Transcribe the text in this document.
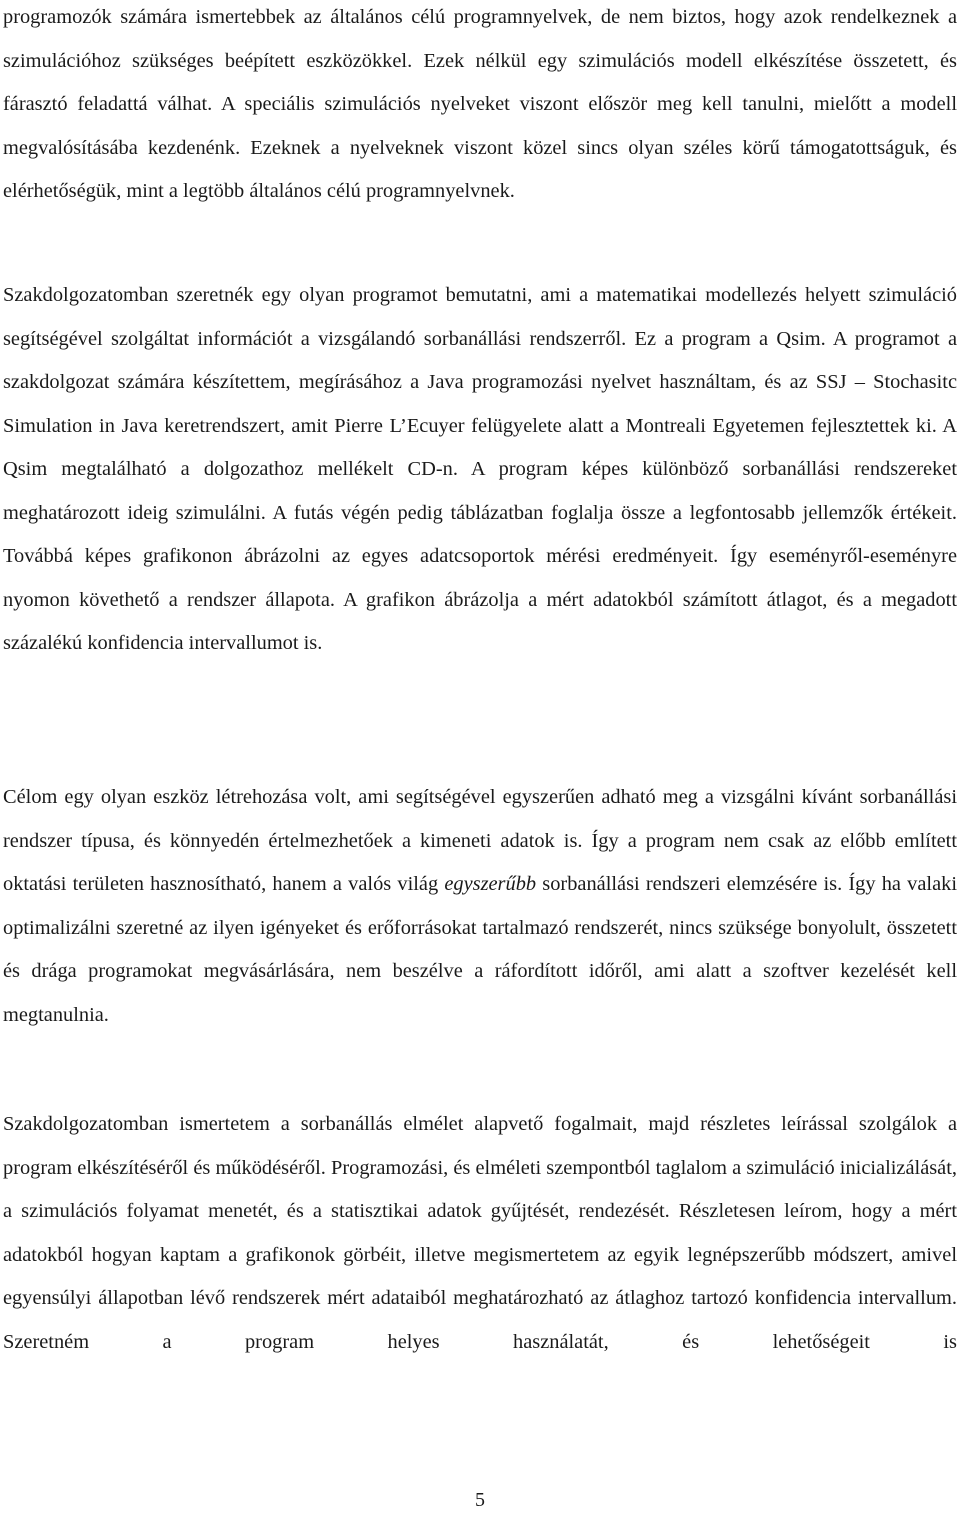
programozók számára ismertebbek az általános célú programnyelvek, de nem biztos, hogy azok rendelkeznek a szimulációhoz szükséges beépített eszközökkel. Ezek nélkül egy szimulációs modell elkészítése összetett, és fárasztó feladattá válhat. A speciális szimulációs nyelveket viszont először meg kell tanulni, mielőtt a modell megvalósításába kezdenénk. Ezeknek a nyelveknek viszont közel sincs olyan széles körű támogatottságuk, és elérhetőségük, mint a legtöbb általános célú programnyelvnek.

Szakdolgozatomban szeretnék egy olyan programot bemutatni, ami a matematikai modellezés helyett szimuláció segítségével szolgáltat információt a vizsgálandó sorbanállási rendszerről. Ez a program a Qsim. A programot a szakdolgozat számára készítettem, megírásához a Java programozási nyelvet használtam, és az SSJ – Stochasitc Simulation in Java keretrendszert, amit Pierre L’Ecuyer felügyelete alatt a Montreali Egyetemen fejlesztettek ki. A Qsim megtalálható a dolgozathoz mellékelt CD-n. A program képes különböző sorbanállási rendszereket meghatározott ideig szimulálni. A futás végén pedig táblázatban foglalja össze a legfontosabb jellemzők értékeit. Továbbá képes grafikonon ábrázolni az egyes adatcsoportok mérési eredményeit. Így eseményről-eseményre nyomon követhető a rendszer állapota. A grafikon ábrázolja a mért adatokból számított átlagot, és a megadott százalékú konfidencia intervallumot is.

Célom egy olyan eszköz létrehozása volt, ami segítségével egyszerűen adható meg a vizsgálni kívánt sorbanállási rendszer típusa, és könnyedén értelmezhetőek a kimeneti adatok is. Így a program nem csak az előbb említett oktatási területen hasznosítható, hanem a valós világ egyszerűbb sorbanállási rendszeri elemzésére is. Így ha valaki optimalizálni szeretné az ilyen igényeket és erőforrásokat tartalmazó rendszerét, nincs szüksége bonyolult, összetett és drága programokat megvásárlására, nem beszélve a ráfordított időről, ami alatt a szoftver kezelését kell megtanulnia.

Szakdolgozatomban ismertetem a sorbanállás elmélet alapvető fogalmait, majd részletes leírással szolgálok a program elkészítéséről és működéséről. Programozási, és elméleti szempontból taglalom a szimuláció inicializálását, a szimulációs folyamat menetét, és a statisztikai adatok gyűjtését, rendezését. Részletesen leírom, hogy a mért adatokból hogyan kaptam a grafikonok görbéit, illetve megismertetem az egyik legnépszerűbb módszert, amivel egyensúlyi állapotban lévő rendszerek mért adataiból meghatározható az átlaghoz tartozó konfidencia intervallum. Szeretném a program helyes használatát, és lehetőségeit is

5
